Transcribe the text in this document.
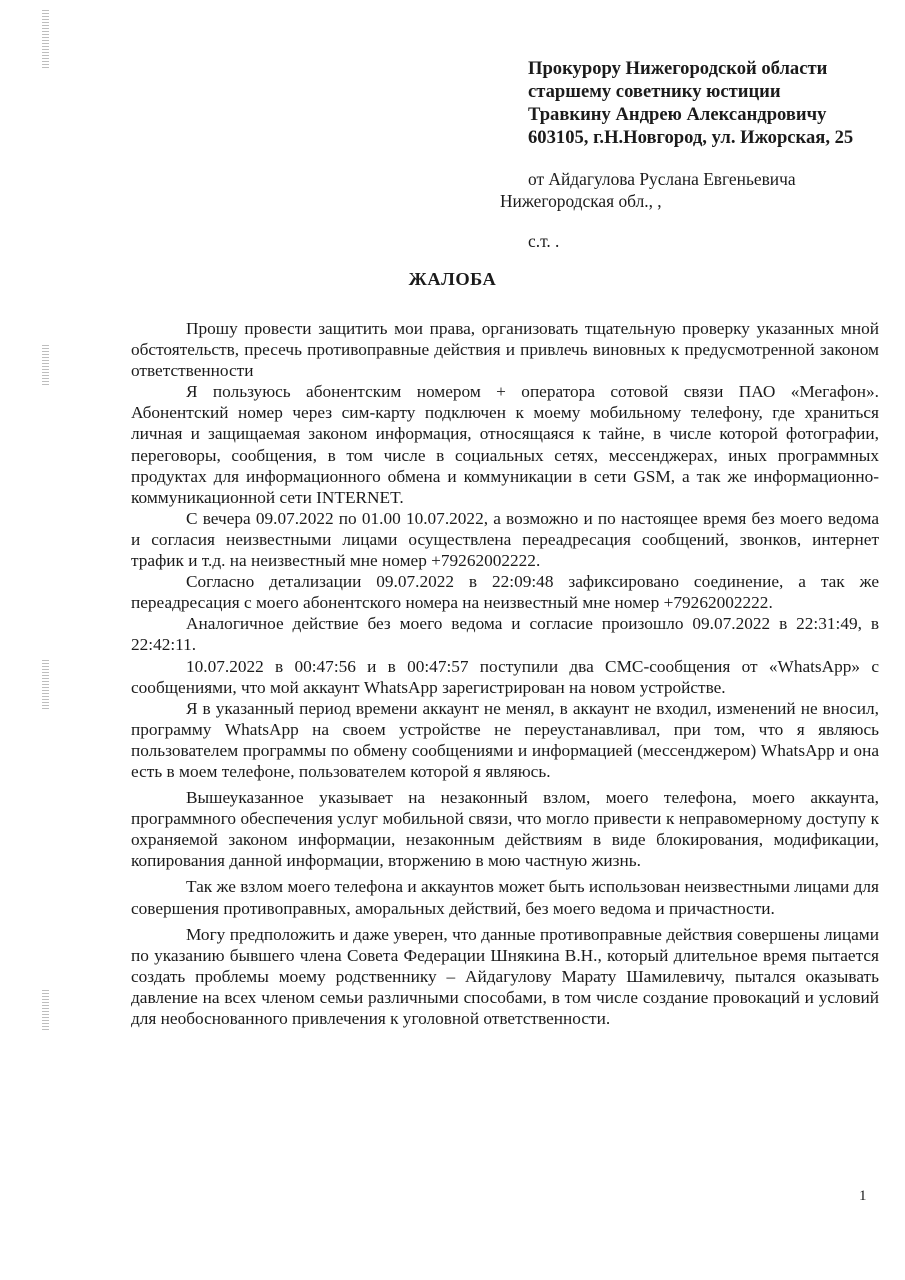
Прокурору Нижегородской области
старшему советнику юстиции
Травкину Андрею Александровичу
603105, г.Н.Новгород, ул. Ижорская, 25
от Айдагулова Руслана Евгеньевича
Нижегородская обл., ,
с.т. .
ЖАЛОБА

Прошу провести защитить мои права, организовать тщательную проверку указанных мной обстоятельств, пресечь противоправные действия и привлечь виновных к предусмотренной законом ответственности

Я пользуюсь абонентским номером + оператора сотовой связи ПАО «Мегафон». Абонентский номер через сим-карту подключен к моему мобильному телефону, где храниться личная и защищаемая законом информация, относящаяся к тайне, в числе которой фотографии, переговоры, сообщения, в том числе в социальных сетях, мессенджерах, иных программных продуктах для информационного обмена и коммуникации в сети GSM, а так же информационно-коммуникационной сети INTERNET.

С вечера 09.07.2022 по 01.00 10.07.2022, а возможно и по настоящее время без моего ведома и согласия неизвестными лицами осуществлена переадресация сообщений, звонков, интернет трафик и т.д. на неизвестный мне номер +79262002222.

Согласно детализации 09.07.2022 в 22:09:48 зафиксировано соединение, а так же переадресация с моего абонентского номера на неизвестный мне номер +79262002222.

Аналогичное действие без моего ведома и согласие произошло 09.07.2022 в 22:31:49, в 22:42:11.

10.07.2022 в 00:47:56 и в 00:47:57 поступили два СМС-сообщения от «WhatsApp» с сообщениями, что мой аккаунт WhatsApp зарегистрирован на новом устройстве.

Я в указанный период времени аккаунт не менял, в аккаунт не входил, изменений не вносил, программу WhatsApp на своем устройстве не переустанавливал, при том, что я являюсь пользователем программы по обмену сообщениями и информацией (мессенджером) WhatsApp и она есть в моем телефоне, пользователем которой я являюсь.

Вышеуказанное указывает на незаконный взлом, моего телефона, моего аккаунта, программного обеспечения услуг мобильной связи, что могло привести к неправомерному доступу к охраняемой законом информации, незаконным действиям в виде блокирования, модификации, копирования данной информации, вторжению в мою частную жизнь.

Так же взлом моего телефона и аккаунтов может быть использован неизвестными лицами для совершения противоправных, аморальных действий, без моего ведома и причастности.

Могу предположить и даже уверен, что данные противоправные действия совершены лицами по указанию бывшего члена Совета Федерации Шнякина В.Н., который длительное время пытается создать проблемы моему родственнику – Айдагулову Марату Шамилевичу, пытался оказывать давление на всех членом семьи различными способами, в том числе создание провокаций и условий для необоснованного привлечения к уголовной ответственности.

1
